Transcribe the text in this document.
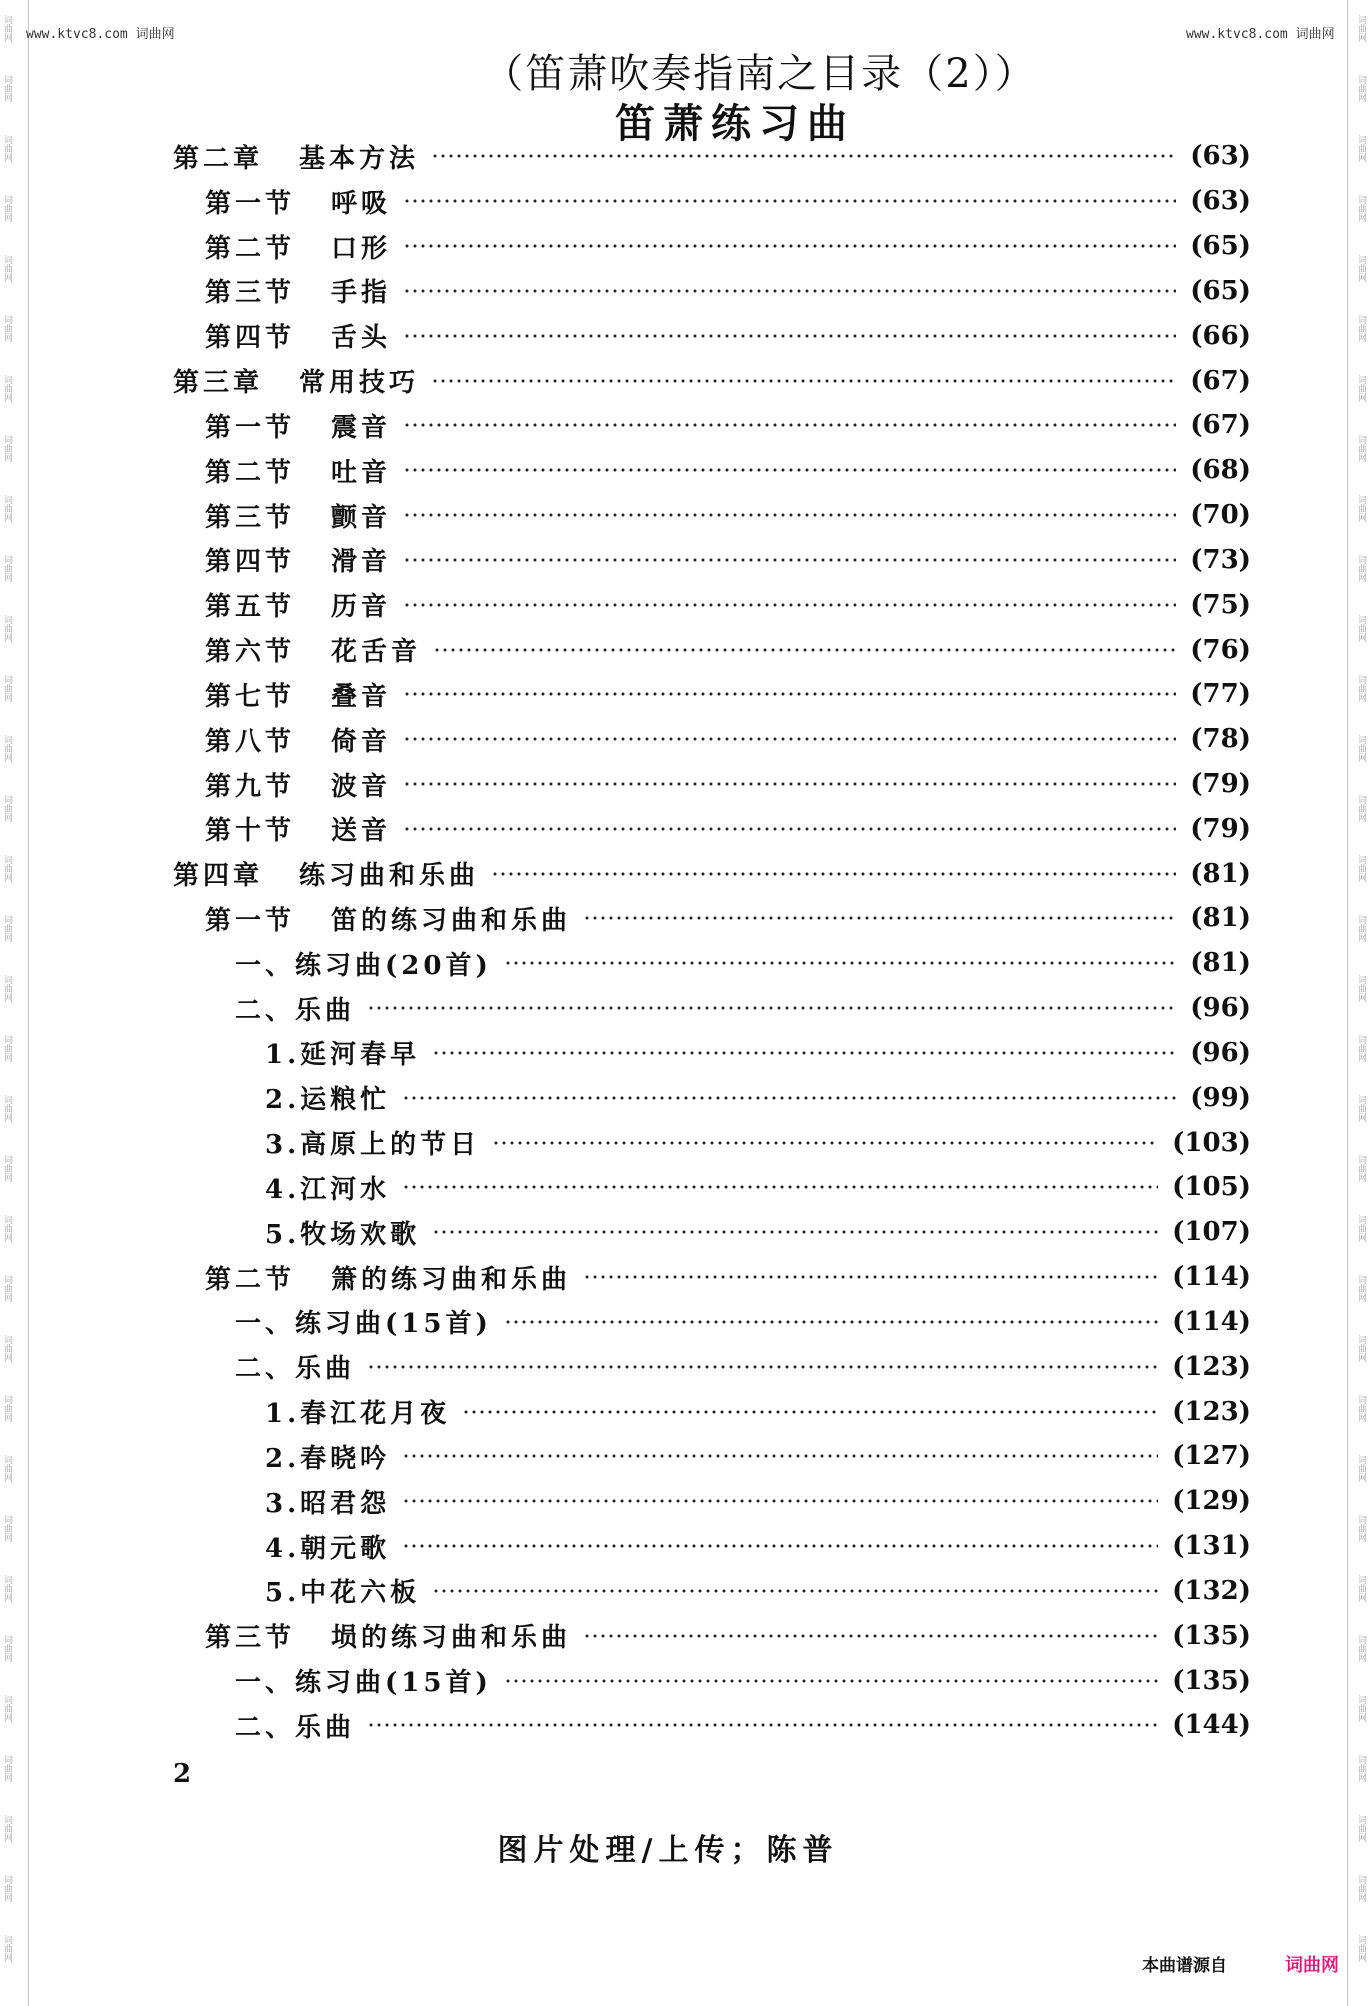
词曲网
词曲网
词曲网
词曲网
词曲网
词曲网
词曲网
词曲网
词曲网
词曲网
词曲网
词曲网
词曲网
词曲网
词曲网
词曲网
词曲网
词曲网
词曲网
词曲网
词曲网
词曲网
词曲网
词曲网
词曲网
词曲网
词曲网
词曲网
词曲网
词曲网
词曲网
词曲网
词曲网
词曲网
词曲网
词曲网
词曲网
词曲网
词曲网
词曲网
词曲网
词曲网
词曲网
词曲网
词曲网
词曲网
词曲网
词曲网
词曲网
词曲网
词曲网
词曲网
词曲网
词曲网
词曲网
词曲网
词曲网
词曲网
词曲网
词曲网
词曲网
词曲网
词曲网
词曲网
词曲网
词曲网
www.ktvc8.com 词曲网	www.ktvc8.com 词曲网
（笛萧吹奏指南之目录（2））
笛萧练习曲
第二章 基本方法	(63)
第一节 呼吸	(63)
第二节 口形	(65)
第三节 手指	(65)
第四节 舌头	(66)
第三章 常用技巧	(67)
第一节 震音	(67)
第二节 吐音	(68)
第三节 颤音	(70)
第四节 滑音	(73)
第五节 历音	(75)
第六节 花舌音	(76)
第七节 叠音	(77)
第八节 倚音	(78)
第九节 波音	(79)
第十节 送音	(79)
第四章 练习曲和乐曲	(81)
第一节 笛的练习曲和乐曲	(81)
一、练习曲(20首)	(81)
二、乐曲	(96)
1.延河春早	(96)
2.运粮忙	(99)
3.高原上的节日	(103)
4.江河水	(105)
5.牧场欢歌	(107)
第二节 箫的练习曲和乐曲	(114)
一、练习曲(15首)	(114)
二、乐曲	(123)
1.春江花月夜	(123)
2.春晓吟	(127)
3.昭君怨	(129)
4.朝元歌	(131)
5.中花六板	(132)
第三节 埙的练习曲和乐曲	(135)
一、练习曲(15首)	(135)
二、乐曲	(144)
2
图片处理/上传；陈普
本曲谱源自	词曲网
